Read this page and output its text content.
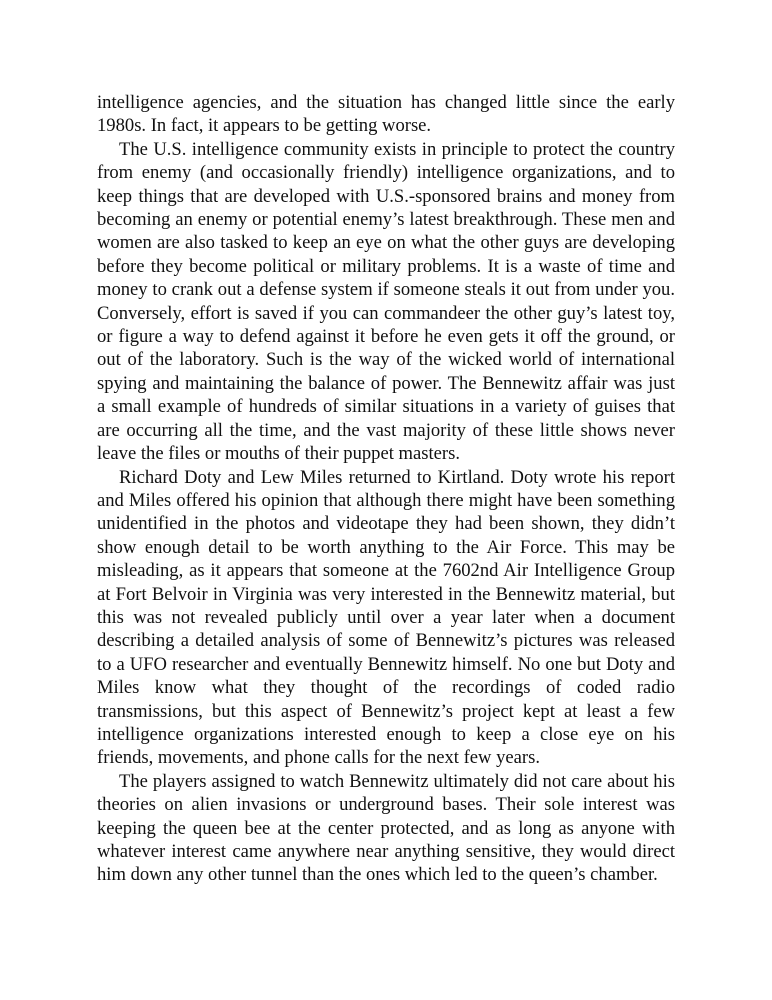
intelligence agencies, and the situation has changed little since the early 1980s. In fact, it appears to be getting worse.

The U.S. intelligence community exists in principle to protect the country from enemy (and occasionally friendly) intelligence organizations, and to keep things that are developed with U.S.-sponsored brains and money from becoming an enemy or potential enemy’s latest breakthrough. These men and women are also tasked to keep an eye on what the other guys are developing before they become political or military problems. It is a waste of time and money to crank out a defense system if someone steals it out from under you. Conversely, effort is saved if you can commandeer the other guy’s latest toy, or figure a way to defend against it before he even gets it off the ground, or out of the laboratory. Such is the way of the wicked world of international spying and maintaining the balance of power. The Bennewitz affair was just a small example of hundreds of similar situations in a variety of guises that are occurring all the time, and the vast majority of these little shows never leave the files or mouths of their puppet masters.

Richard Doty and Lew Miles returned to Kirtland. Doty wrote his report and Miles offered his opinion that although there might have been something unidentified in the photos and videotape they had been shown, they didn’t show enough detail to be worth anything to the Air Force. This may be misleading, as it appears that someone at the 7602nd Air Intelligence Group at Fort Belvoir in Virginia was very interested in the Bennewitz material, but this was not revealed publicly until over a year later when a document describing a detailed analysis of some of Bennewitz’s pictures was released to a UFO researcher and eventually Bennewitz himself. No one but Doty and Miles know what they thought of the recordings of coded radio transmissions, but this aspect of Bennewitz’s project kept at least a few intelligence organizations interested enough to keep a close eye on his friends, movements, and phone calls for the next few years.

The players assigned to watch Bennewitz ultimately did not care about his theories on alien invasions or underground bases. Their sole interest was keeping the queen bee at the center protected, and as long as anyone with whatever interest came anywhere near anything sensitive, they would direct him down any other tunnel than the ones which led to the queen’s chamber.
